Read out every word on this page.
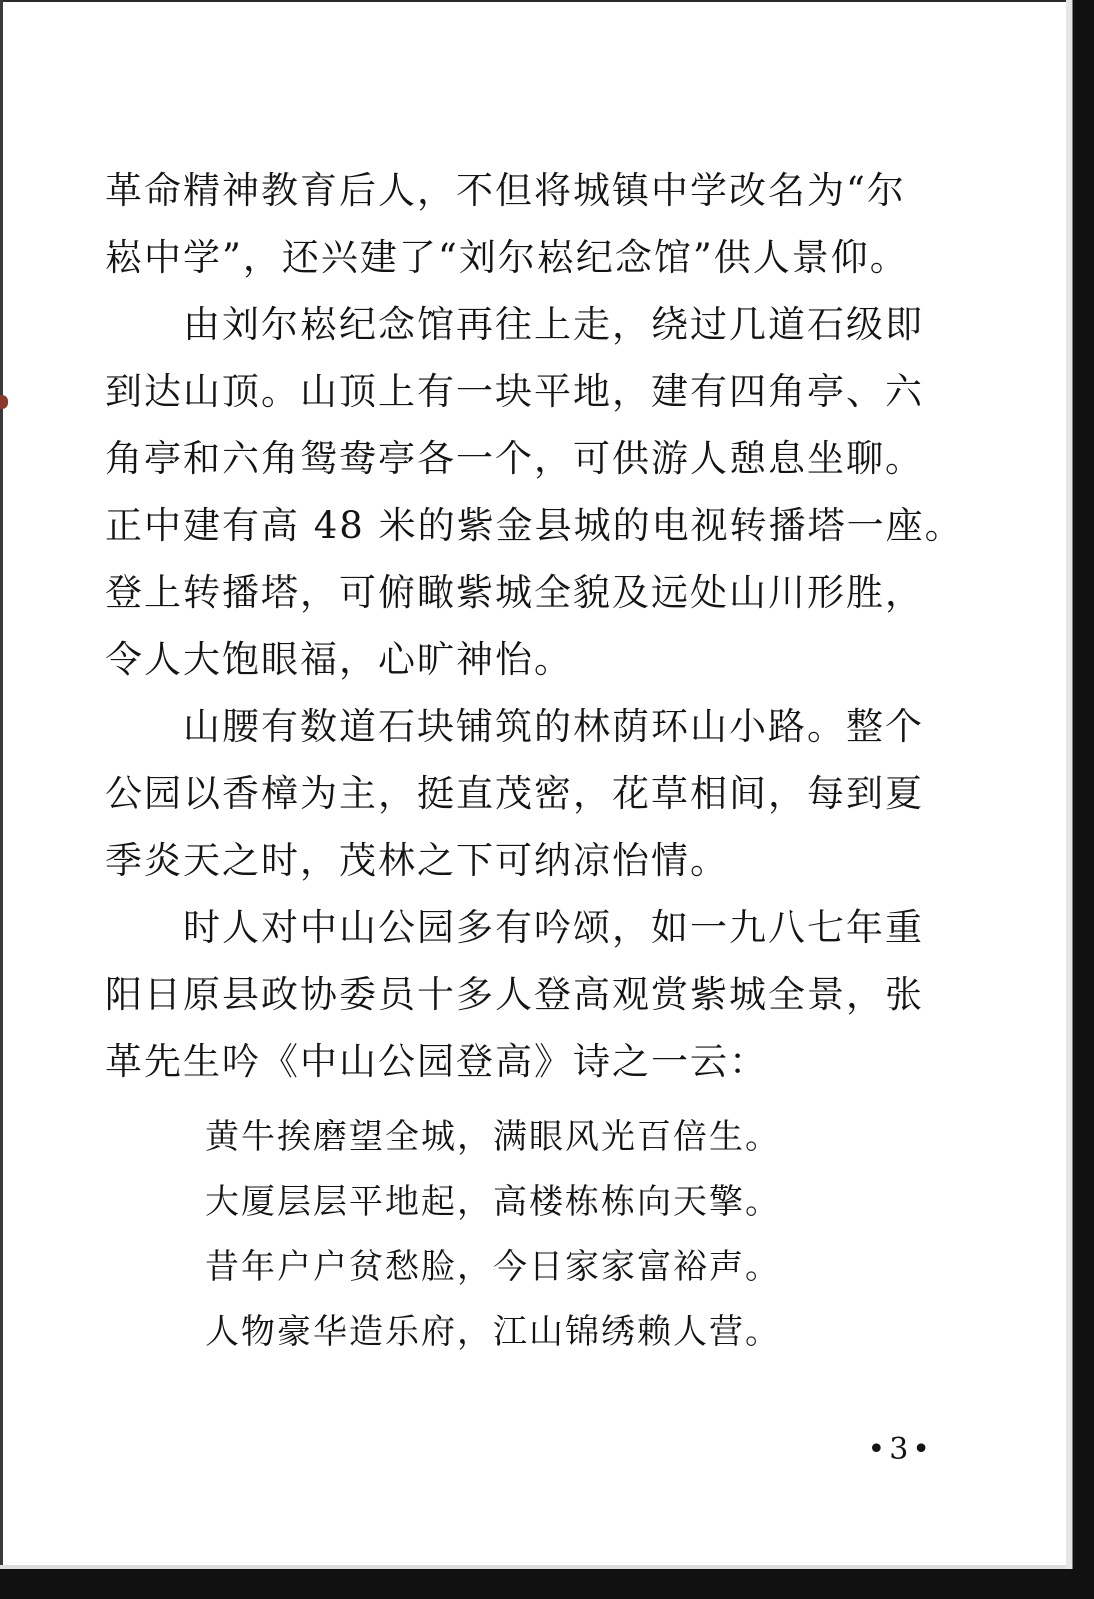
革命精神教育后人，不但将城镇中学改名为“尔
崧中学”，还兴建了“刘尔崧纪念馆”供人景仰。
　　由刘尔崧纪念馆再往上走，绕过几道石级即
到达山顶。山顶上有一块平地，建有四角亭、六
角亭和六角鸳鸯亭各一个，可供游人憩息坐聊。
正中建有高 48 米的紫金县城的电视转播塔一座。
登上转播塔，可俯瞰紫城全貌及远处山川形胜，
令人大饱眼福，心旷神怡。
　　山腰有数道石块铺筑的林荫环山小路。整个
公园以香樟为主，挺直茂密，花草相间，每到夏
季炎天之时，茂林之下可纳凉怡情。
　　时人对中山公园多有吟颂，如一九八七年重
阳日原县政协委员十多人登高观赏紫城全景，张
革先生吟《中山公园登高》诗之一云：
黄牛挨磨望全城，满眼风光百倍生。
大厦层层平地起，高楼栋栋向天擎。
昔年户户贫愁脸，今日家家富裕声。
人物豪华造乐府，江山锦绣赖人营。
•3•
